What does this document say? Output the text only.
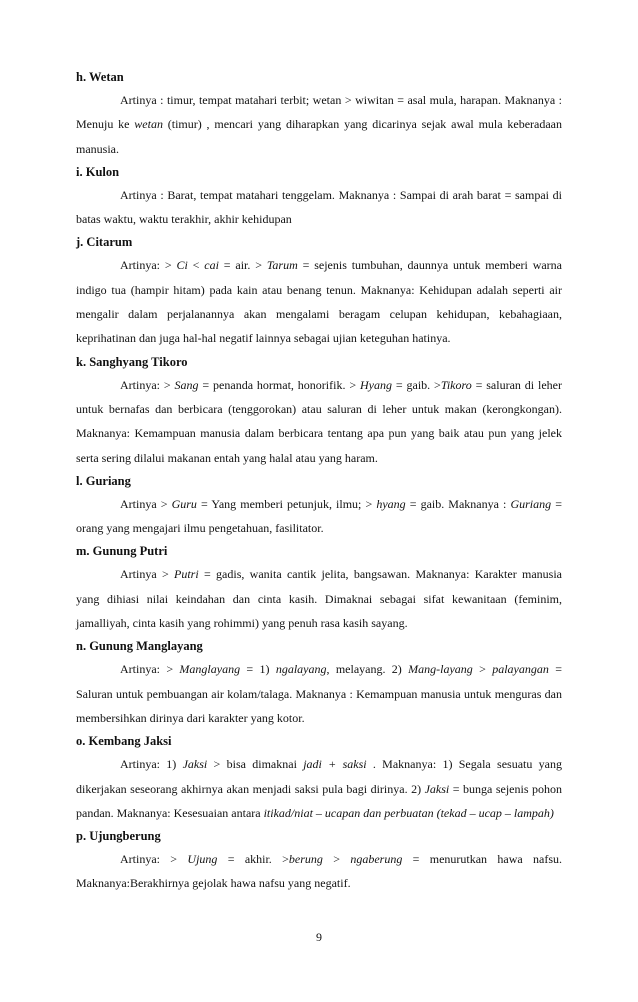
h. Wetan

Artinya : timur, tempat matahari terbit; wetan > wiwitan = asal mula, harapan. Maknanya : Menuju ke wetan (timur) , mencari yang diharapkan yang dicarinya sejak awal mula keberadaan manusia.

i. Kulon

Artinya : Barat, tempat matahari tenggelam. Maknanya : Sampai di arah barat = sampai di batas waktu, waktu terakhir, akhir kehidupan

j. Citarum

Artinya: > Ci < cai = air. > Tarum = sejenis tumbuhan, daunnya untuk memberi warna indigo tua (hampir hitam) pada kain atau benang tenun. Maknanya: Kehidupan adalah seperti air mengalir dalam perjalanannya akan mengalami beragam celupan kehidupan, kebahagiaan, keprihatinan dan juga hal-hal negatif lainnya sebagai ujian keteguhan hatinya.

k. Sanghyang Tikoro

Artinya: > Sang = penanda hormat, honorifik. > Hyang = gaib. >Tikoro = saluran di leher untuk bernafas dan berbicara (tenggorokan) atau saluran di leher untuk makan (kerongkongan). Maknanya: Kemampuan manusia dalam berbicara tentang apa pun yang baik atau pun yang jelek serta sering dilalui makanan entah yang halal atau yang haram.

l. Guriang

Artinya > Guru = Yang memberi petunjuk, ilmu; > hyang = gaib. Maknanya : Guriang = orang yang mengajari ilmu pengetahuan, fasilitator.

m. Gunung Putri

Artinya > Putri = gadis, wanita cantik jelita, bangsawan. Maknanya: Karakter manusia yang dihiasi nilai keindahan dan cinta kasih. Dimaknai sebagai sifat kewanitaan (feminim, jamalliyah, cinta kasih yang rohimmi) yang penuh rasa kasih sayang.

n. Gunung Manglayang

Artinya: > Manglayang = 1) ngalayang, melayang. 2) Mang-layang > palayangan = Saluran untuk pembuangan air kolam/talaga. Maknanya : Kemampuan manusia untuk menguras dan membersihkan dirinya dari karakter yang kotor.

o. Kembang Jaksi

Artinya: 1) Jaksi > bisa dimaknai jadi + saksi . Maknanya: 1) Segala sesuatu yang dikerjakan seseorang akhirnya akan menjadi saksi pula bagi dirinya. 2) Jaksi = bunga sejenis pohon pandan. Maknanya: Kesesuaian antara itikad/niat – ucapan dan perbuatan (tekad – ucap – lampah)

p. Ujungberung

Artinya: > Ujung = akhir. >berung > ngaberung = menurutkan hawa nafsu. Maknanya:Berakhirnya gejolak hawa nafsu yang negatif.

9
